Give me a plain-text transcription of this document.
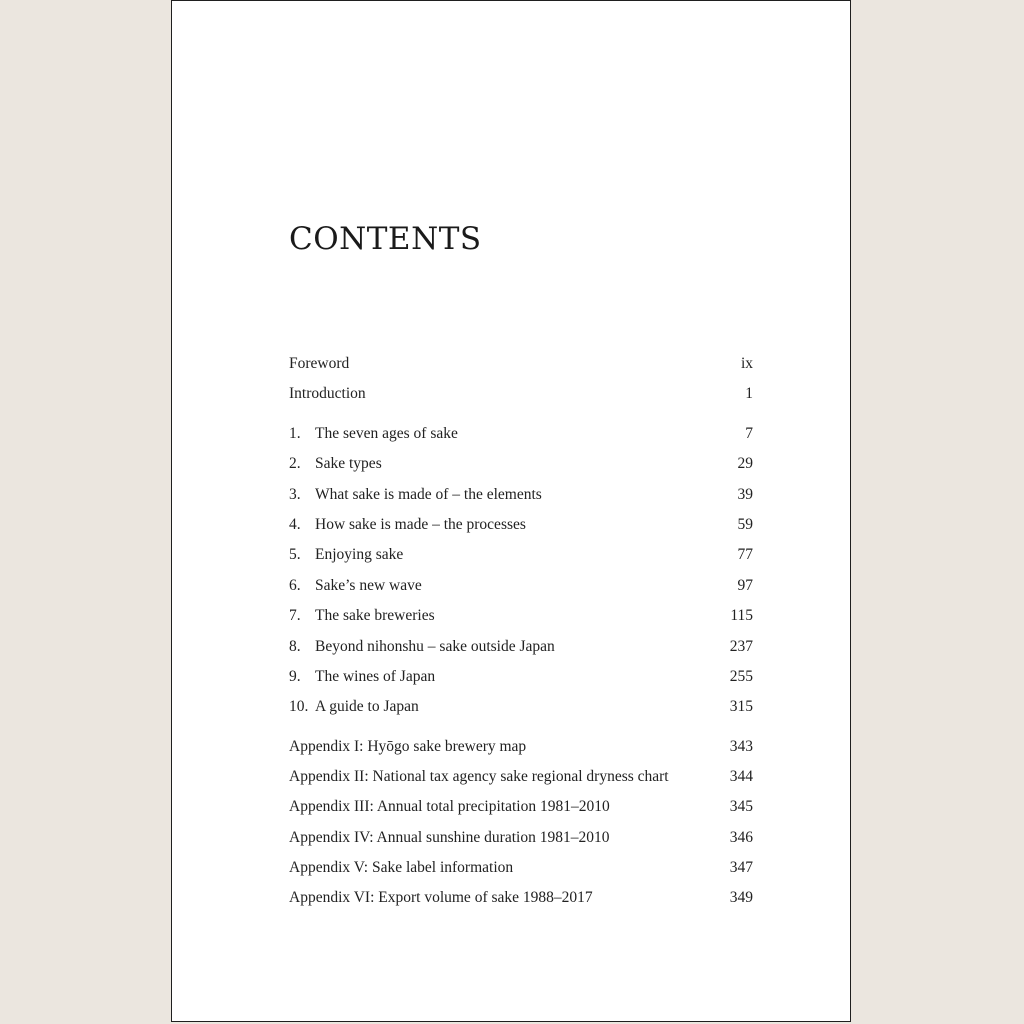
CONTENTS
Foreword	ix
Introduction	1
1. The seven ages of sake	7
2. Sake types	29
3. What sake is made of – the elements	39
4. How sake is made – the processes	59
5. Enjoying sake	77
6. Sake’s new wave	97
7. The sake breweries	115
8. Beyond nihonshu – sake outside Japan	237
9. The wines of Japan	255
10. A guide to Japan	315
Appendix I: Hyōgo sake brewery map	343
Appendix II: National tax agency sake regional dryness chart	344
Appendix III: Annual total precipitation 1981–2010	345
Appendix IV: Annual sunshine duration 1981–2010	346
Appendix V: Sake label information	347
Appendix VI: Export volume of sake 1988–2017	349
